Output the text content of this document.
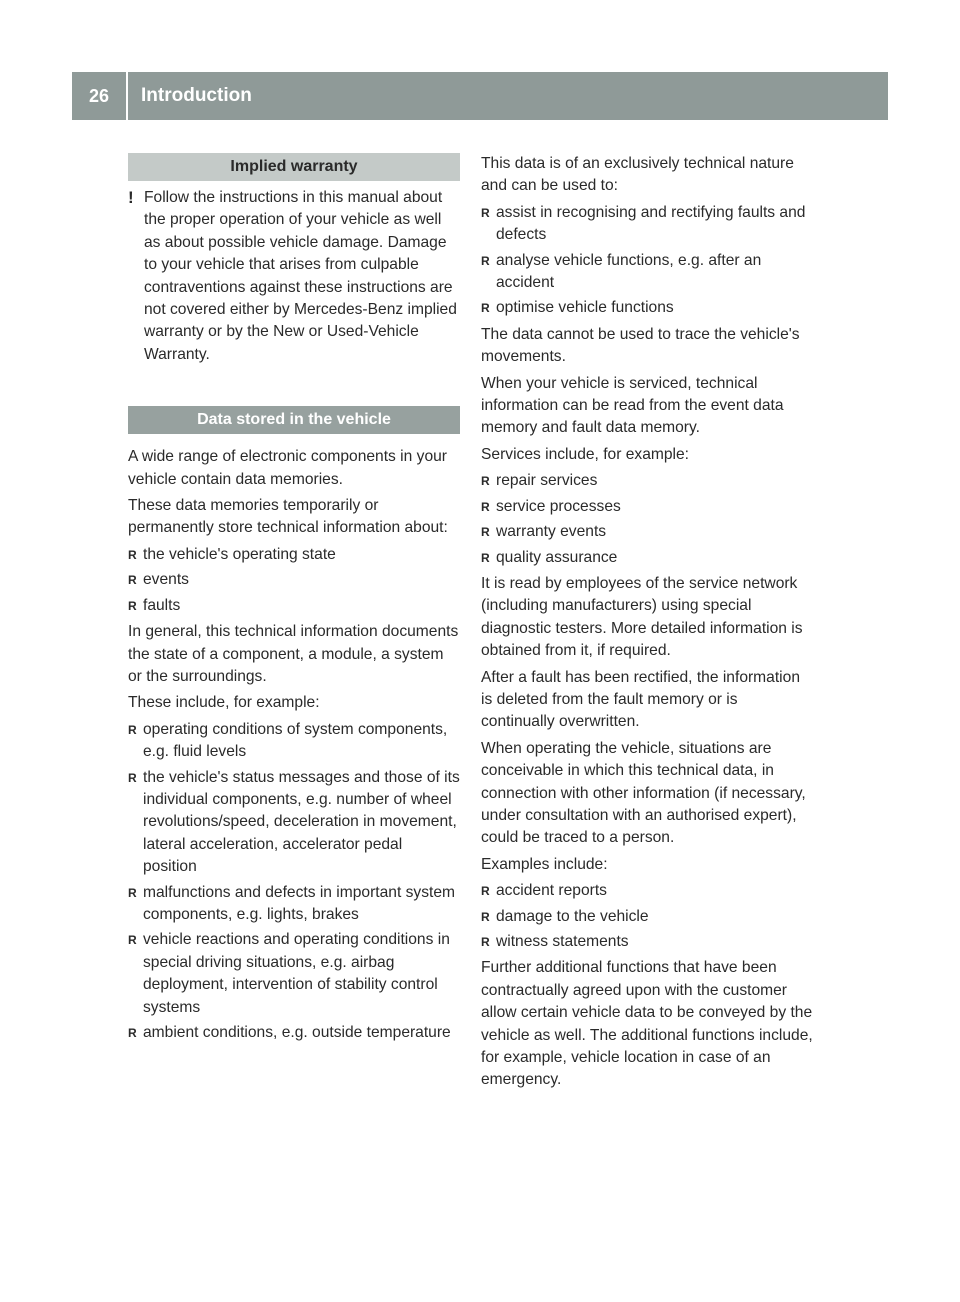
26	Introduction
Implied warranty
! Follow the instructions in this manual about the proper operation of your vehicle as well as about possible vehicle damage. Damage to your vehicle that arises from culpable contraventions against these instructions are not covered either by Mercedes-Benz implied warranty or by the New or Used-Vehicle Warranty.
Data stored in the vehicle

A wide range of electronic components in your vehicle contain data memories.

These data memories temporarily or permanently store technical information about:

R the vehicle's operating state
R events
R faults

In general, this technical information documents the state of a component, a module, a system or the surroundings.

These include, for example:

R operating conditions of system components, e.g. fluid levels
R the vehicle's status messages and those of its individual components, e.g. number of wheel revolutions/speed, deceleration in movement, lateral acceleration, accelerator pedal position
R malfunctions and defects in important system components, e.g. lights, brakes
R vehicle reactions and operating conditions in special driving situations, e.g. airbag deployment, intervention of stability control systems
R ambient conditions, e.g. outside temperature

This data is of an exclusively technical nature and can be used to:

R assist in recognising and rectifying faults and defects
R analyse vehicle functions, e.g. after an accident
R optimise vehicle functions

The data cannot be used to trace the vehicle's movements.

When your vehicle is serviced, technical information can be read from the event data memory and fault data memory.

Services include, for example:

R repair services
R service processes
R warranty events
R quality assurance

It is read by employees of the service network (including manufacturers) using special diagnostic testers. More detailed information is obtained from it, if required.

After a fault has been rectified, the information is deleted from the fault memory or is continually overwritten.

When operating the vehicle, situations are conceivable in which this technical data, in connection with other information (if necessary, under consultation with an authorised expert), could be traced to a person.

Examples include:

R accident reports
R damage to the vehicle
R witness statements

Further additional functions that have been contractually agreed upon with the customer allow certain vehicle data to be conveyed by the vehicle as well. The additional functions include, for example, vehicle location in case of an emergency.
